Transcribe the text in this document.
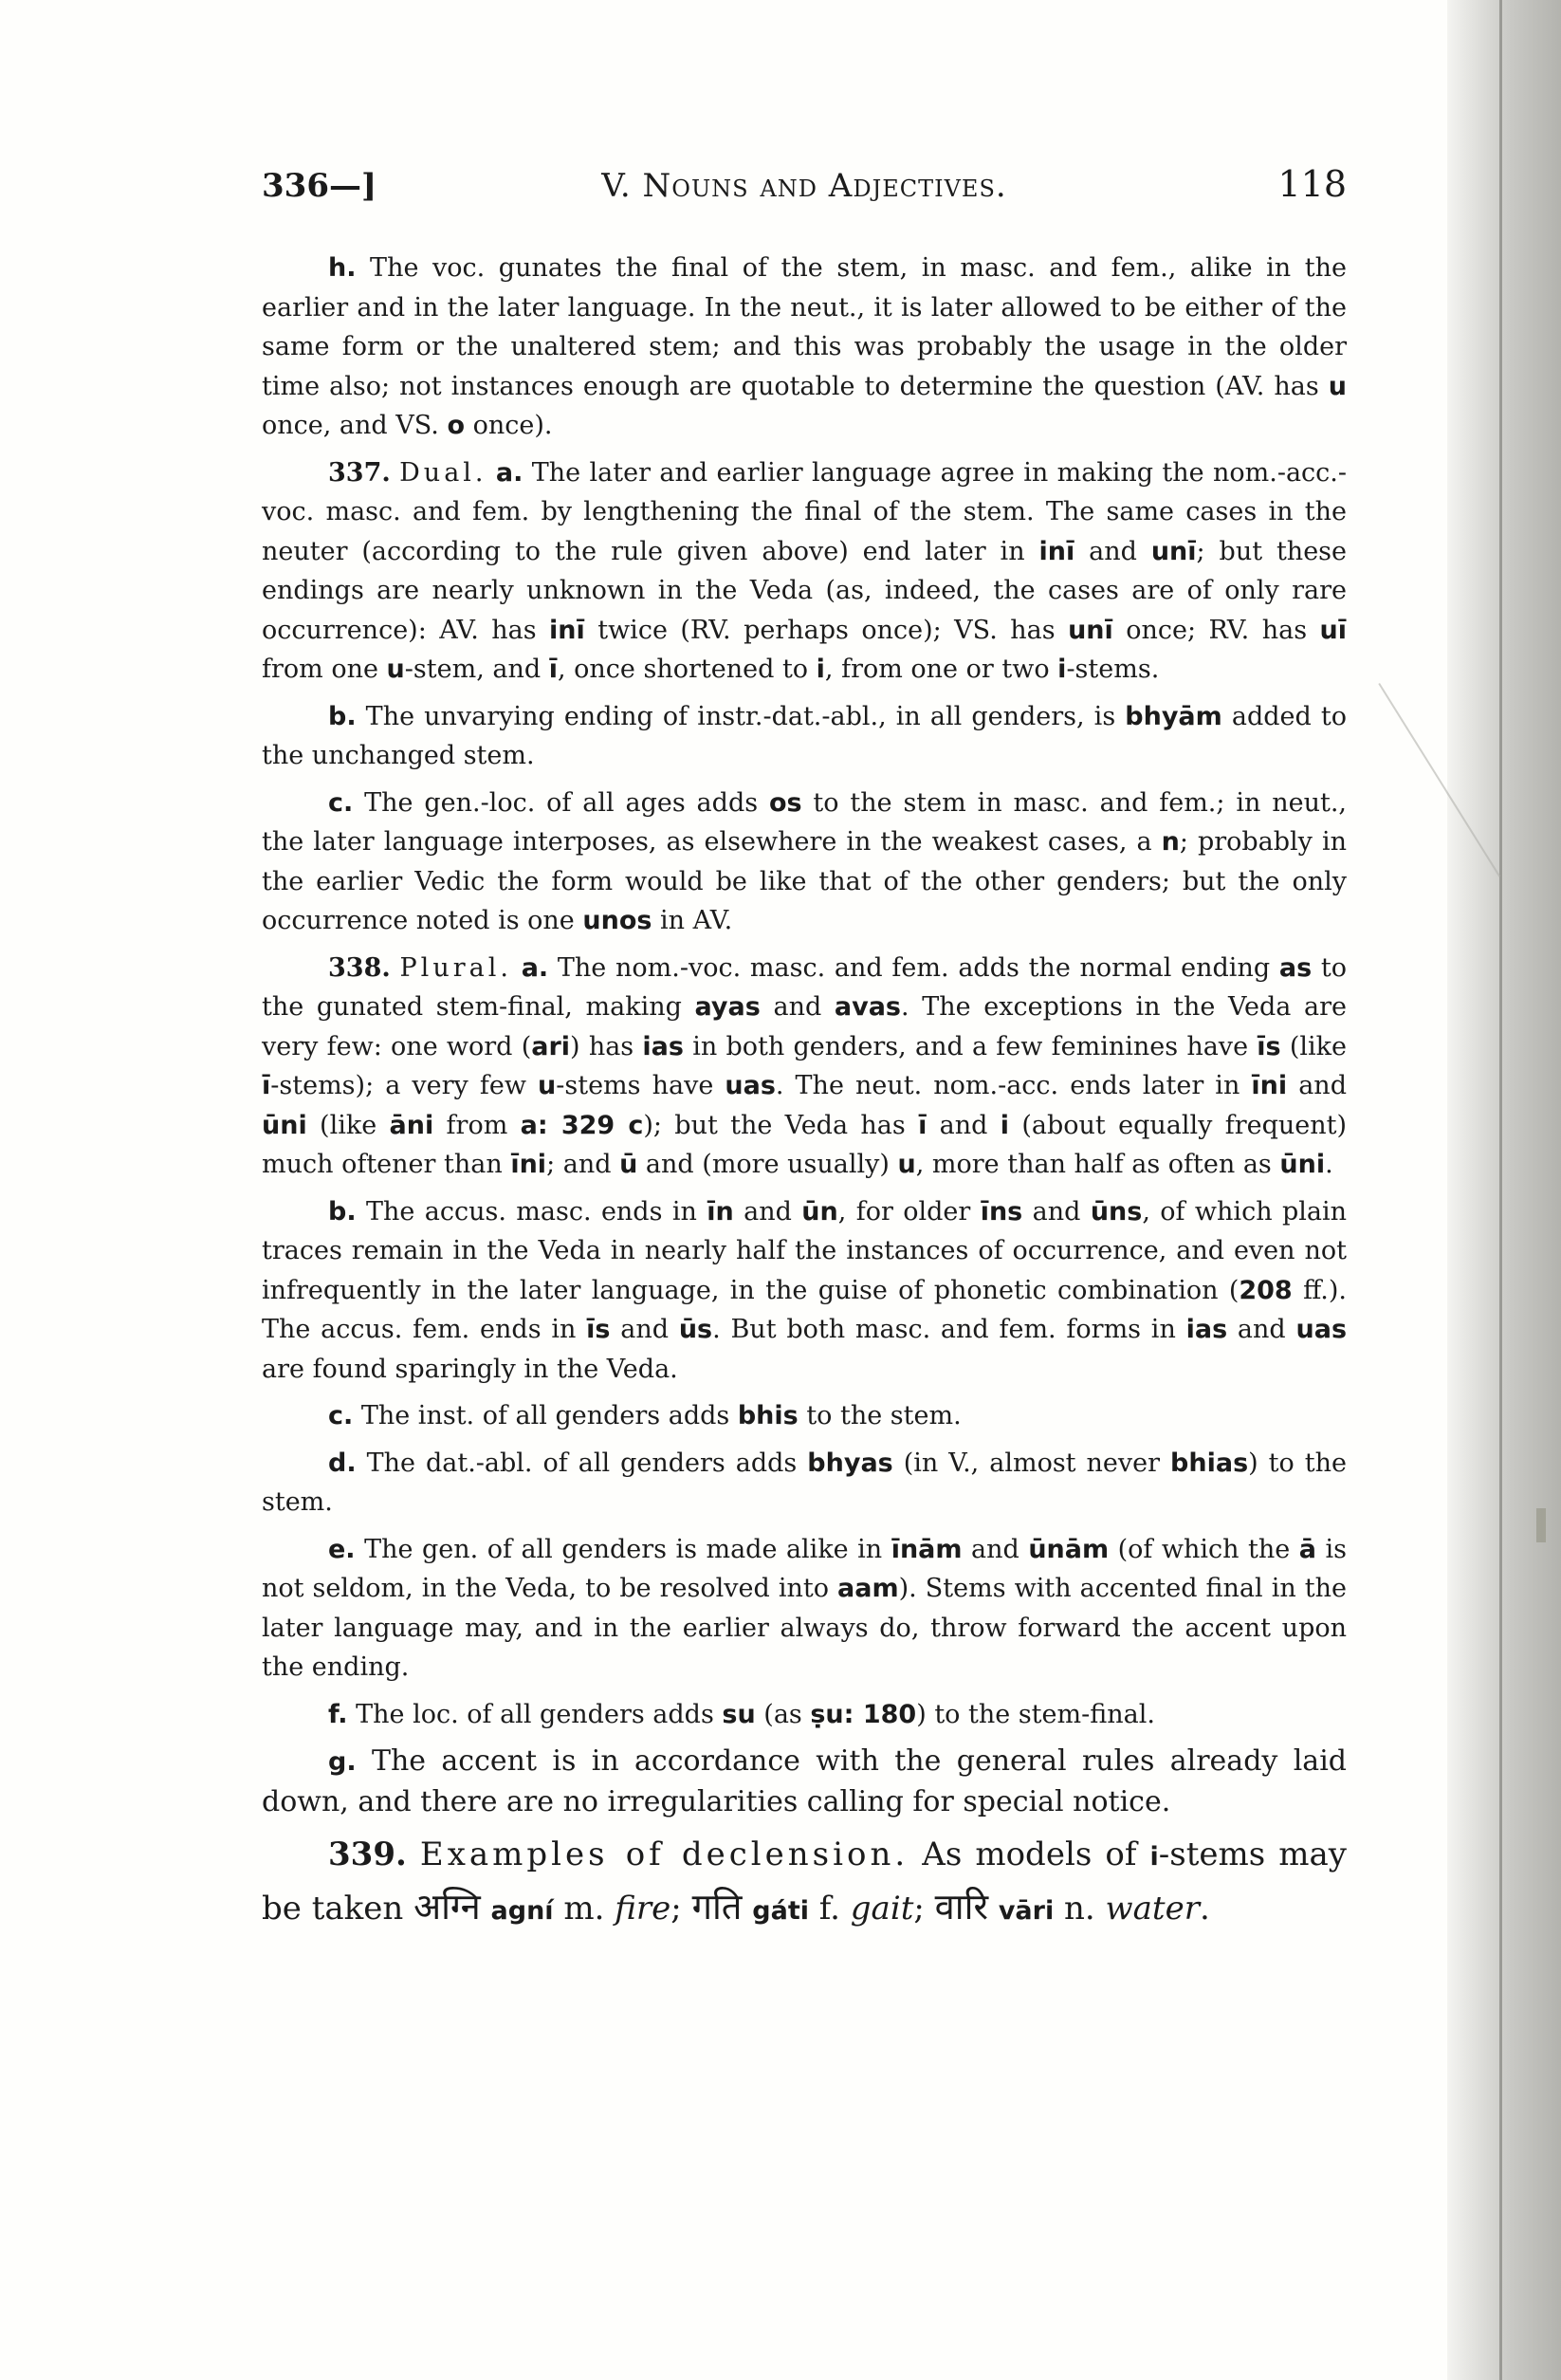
336—]	V. Nouns and Adjectives.	118

h. The voc. gunates the final of the stem, in masc. and fem., alike in the earlier and in the later language. In the neut., it is later allowed to be either of the same form or the unaltered stem; and this was probably the usage in the older time also; not instances enough are quotable to determine the question (AV. has u once, and VS. o once).

337. Dual. a. The later and earlier language agree in making the nom.-acc.-voc. masc. and fem. by lengthening the final of the stem. The same cases in the neuter (according to the rule given above) end later in inī and unī; but these endings are nearly unknown in the Veda (as, indeed, the cases are of only rare occurrence): AV. has inī twice (RV. perhaps once); VS. has unī once; RV. has uī from one u-stem, and ī, once shortened to i, from one or two i-stems.

b. The unvarying ending of instr.-dat.-abl., in all genders, is bhyām added to the unchanged stem.

c. The gen.-loc. of all ages adds os to the stem in masc. and fem.; in neut., the later language interposes, as elsewhere in the weakest cases, a n; probably in the earlier Vedic the form would be like that of the other genders; but the only occurrence noted is one unos in AV.

338. Plural. a. The nom.-voc. masc. and fem. adds the normal ending as to the gunated stem-final, making ayas and avas. The exceptions in the Veda are very few: one word (ari) has ias in both genders, and a few feminines have īs (like ī-stems); a very few u-stems have uas. The neut. nom.-acc. ends later in īni and ūni (like āni from a: 329 c); but the Veda has ī and i (about equally frequent) much oftener than īni; and ū and (more usually) u, more than half as often as ūni.

b. The accus. masc. ends in īn and ūn, for older īns and ūns, of which plain traces remain in the Veda in nearly half the instances of occurrence, and even not infrequently in the later language, in the guise of phonetic combination (208 ff.). The accus. fem. ends in īs and ūs. But both masc. and fem. forms in ias and uas are found sparingly in the Veda.

c. The inst. of all genders adds bhis to the stem.

d. The dat.-abl. of all genders adds bhyas (in V., almost never bhias) to the stem.

e. The gen. of all genders is made alike in īnām and ūnām (of which the ā is not seldom, in the Veda, to be resolved into aam). Stems with accented final in the later language may, and in the earlier always do, throw forward the accent upon the ending.

f. The loc. of all genders adds su (as ṣu: 180) to the stem-final.

g. The accent is in accordance with the general rules already laid down, and there are no irregularities calling for special notice.

339. Examples of declension. As models of i-stems may be taken अग्नि agní m. fire; गति gáti f. gait; वारि vāri n. water.
